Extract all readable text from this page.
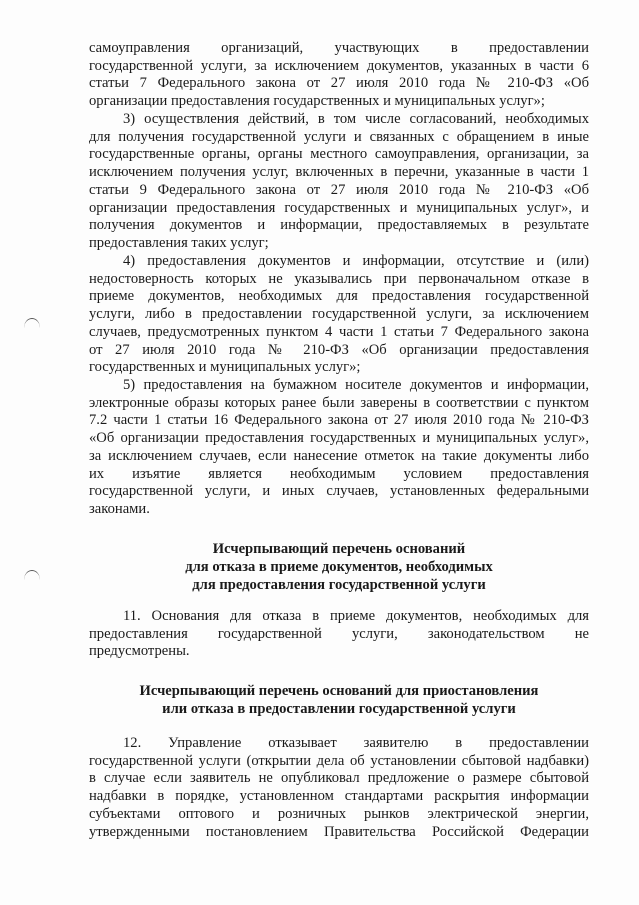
самоуправления организаций, участвующих в предоставлении
государственной услуги, за исключением документов, указанных в части 6
статьи 7 Федерального закона от 27 июля 2010 года № 210-ФЗ «Об
организации предоставления государственных и муниципальных услуг»;
3) осуществления действий, в том числе согласований, необходимых
для получения государственной услуги и связанных с обращением в иные
государственные органы, органы местного самоуправления, организации, за
исключением получения услуг, включенных в перечни, указанные в части 1
статьи 9 Федерального закона от 27 июля 2010 года № 210-ФЗ «Об
организации предоставления государственных и муниципальных услуг», и
получения документов и информации, предоставляемых в результате
предоставления таких услуг;
4) предоставления документов и информации, отсутствие и (или)
недостоверность которых не указывались при первоначальном отказе в
приеме документов, необходимых для предоставления государственной
услуги, либо в предоставлении государственной услуги, за исключением
случаев, предусмотренных пунктом 4 части 1 статьи 7 Федерального закона
от 27 июля 2010 года № 210-ФЗ «Об организации предоставления
государственных и муниципальных услуг»;
5) предоставления на бумажном носителе документов и информации,
электронные образы которых ранее были заверены в соответствии с пунктом
7.2 части 1 статьи 16 Федерального закона от 27 июля 2010 года № 210-ФЗ
«Об организации предоставления государственных и муниципальных услуг»,
за исключением случаев, если нанесение отметок на такие документы либо
их изъятие является необходимым условием предоставления
государственной услуги, и иных случаев, установленных федеральными
законами.
Исчерпывающий перечень оснований
для отказа в приеме документов, необходимых
для предоставления государственной услуги
11. Основания для отказа в приеме документов, необходимых для
предоставления государственной услуги, законодательством не
предусмотрены.
Исчерпывающий перечень оснований для приостановления
или отказа в предоставлении государственной услуги
12. Управление отказывает заявителю в предоставлении
государственной услуги (открытии дела об установлении сбытовой надбавки)
в случае если заявитель не опубликовал предложение о размере сбытовой
надбавки в порядке, установленном стандартами раскрытия информации
субъектами оптового и розничных рынков электрической энергии,
утвержденными постановлением Правительства Российской Федерации
